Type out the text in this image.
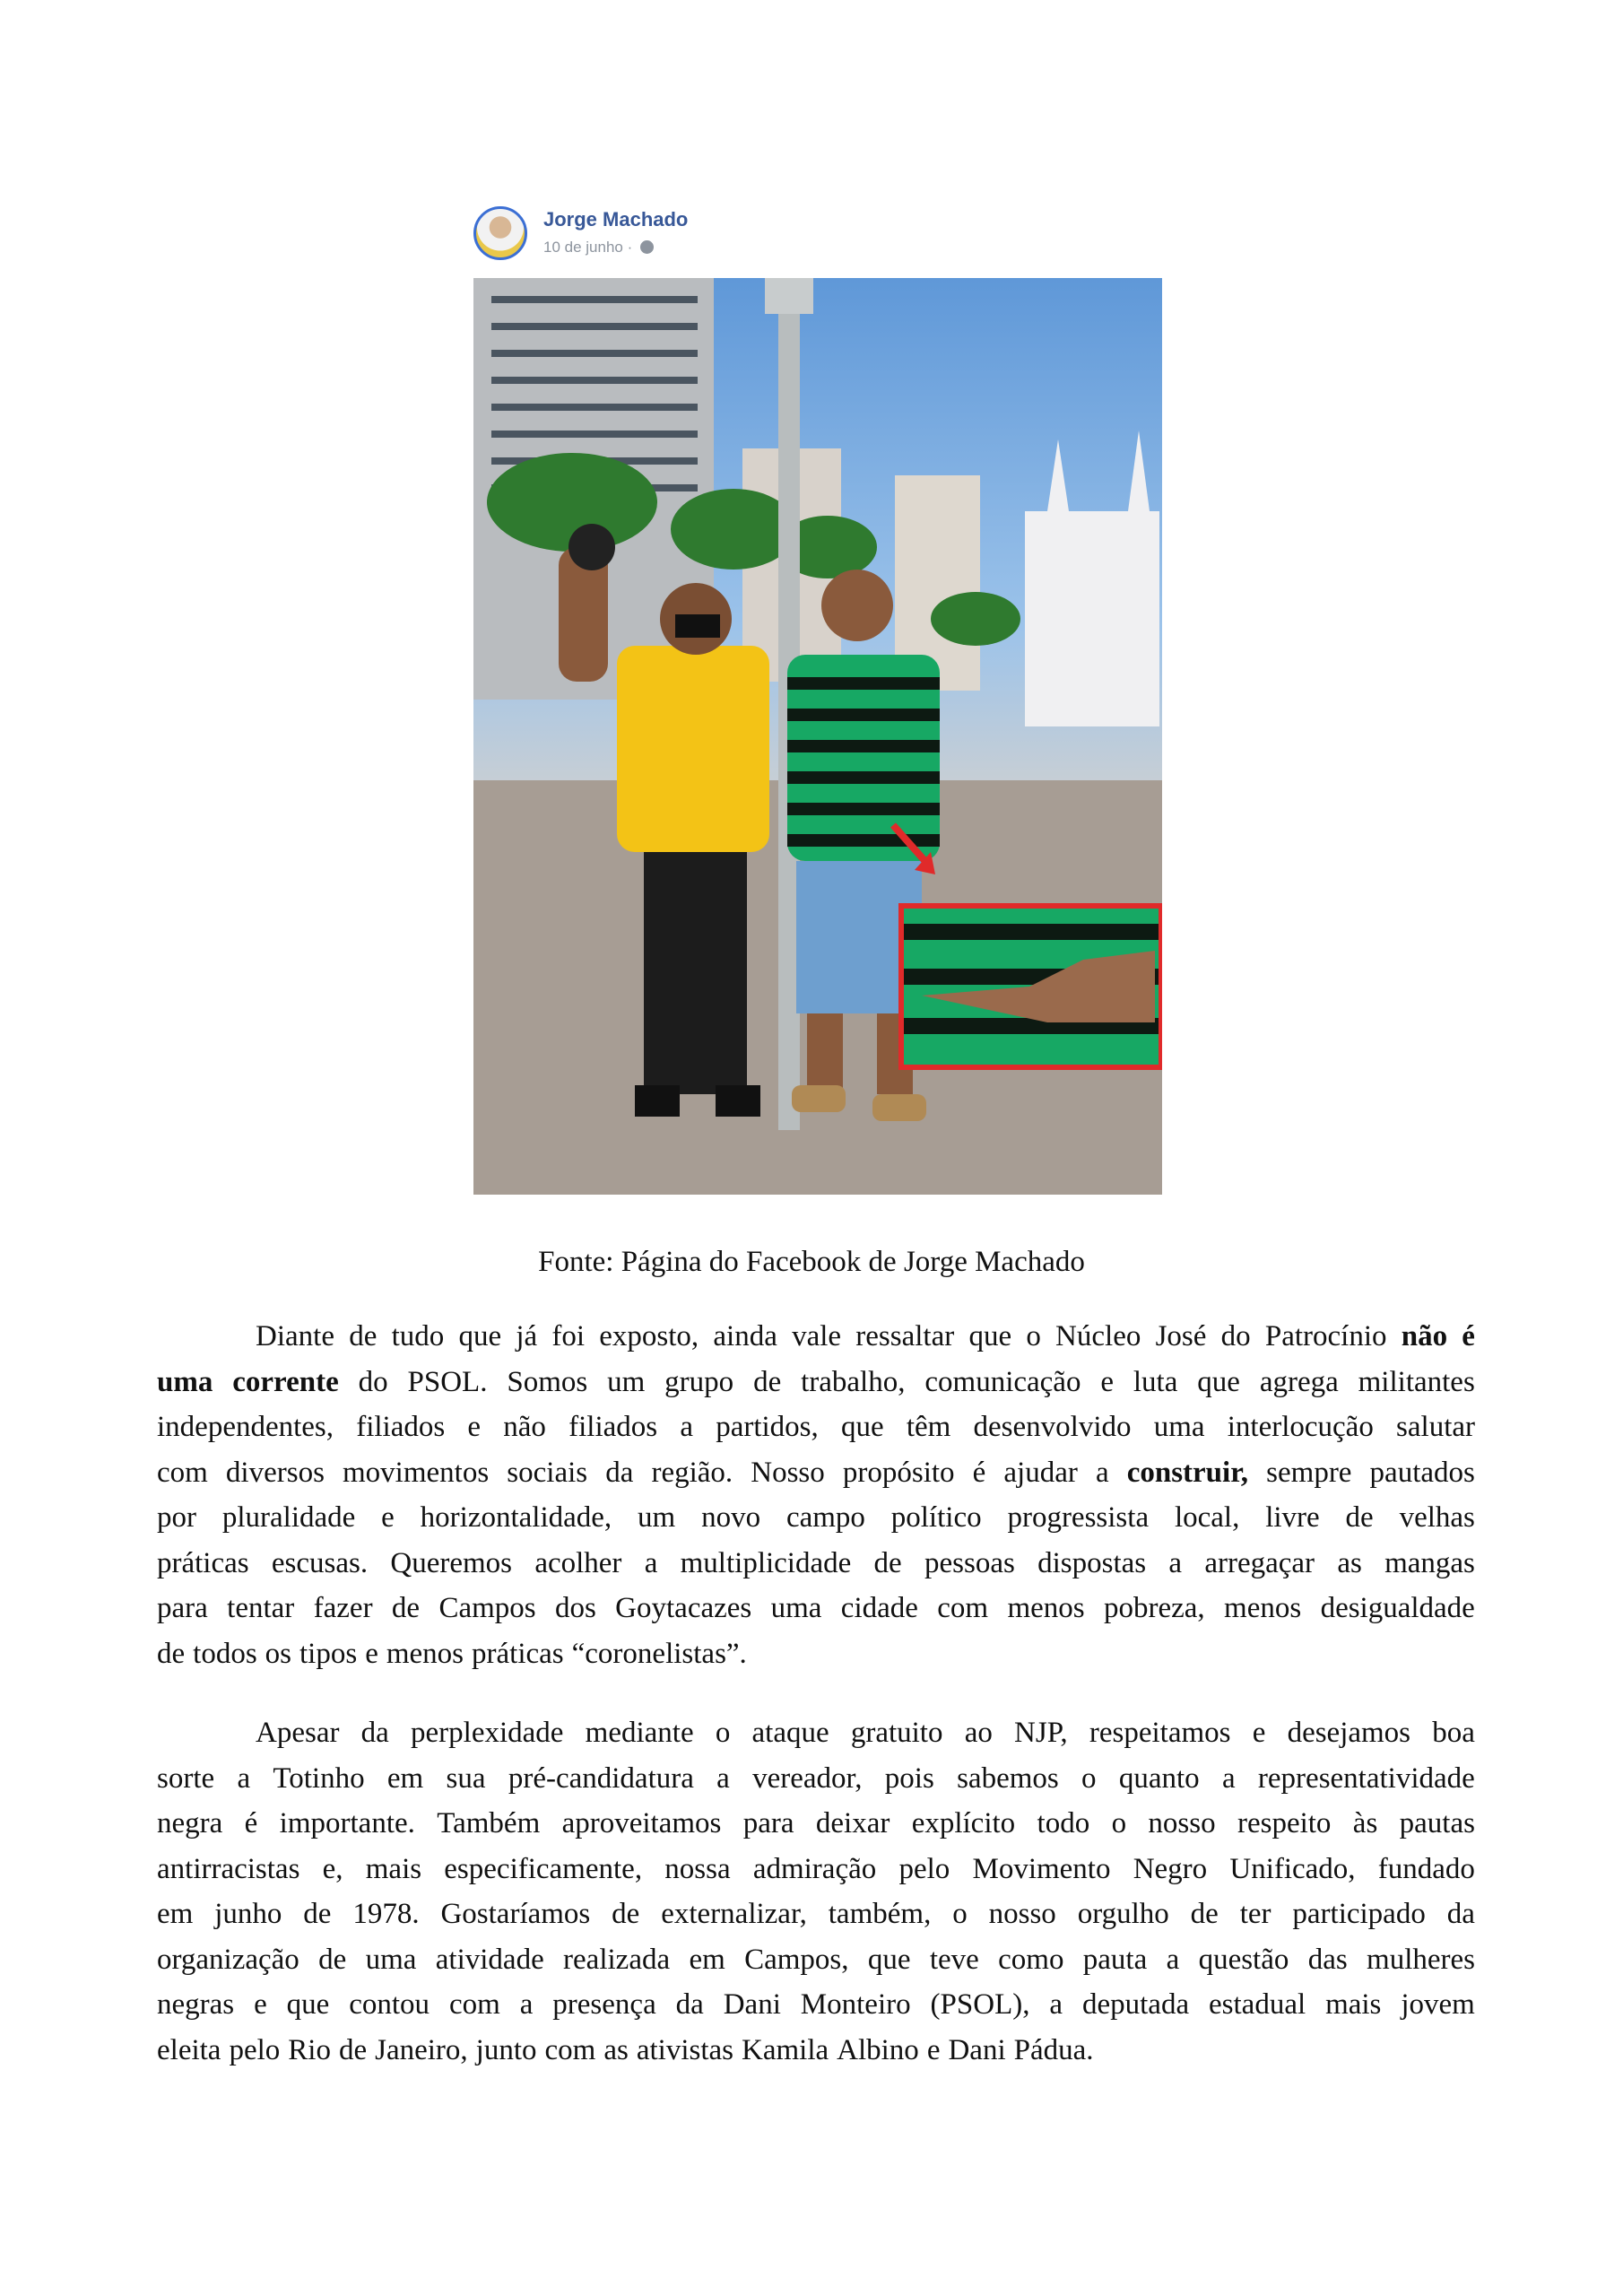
Jorge Machado
10 de junho ·
Fonte: Página do Facebook de Jorge Machado
Diante de tudo que já foi exposto, ainda vale ressaltar que o Núcleo José do Patrocínio não é
uma corrente do PSOL. Somos um grupo de trabalho, comunicação e luta que agrega militantes
independentes, filiados e não filiados a partidos, que têm desenvolvido uma interlocução salutar
com diversos movimentos sociais da região. Nosso propósito é ajudar a construir, sempre pautados
por pluralidade e horizontalidade, um novo campo político progressista local, livre de velhas
práticas escusas. Queremos acolher a multiplicidade de pessoas dispostas a arregaçar as mangas
para tentar fazer de Campos dos Goytacazes uma cidade com menos pobreza, menos desigualdade
de todos os tipos e menos práticas “coronelistas”.
Apesar da perplexidade mediante o ataque gratuito ao NJP, respeitamos e desejamos boa
sorte a Totinho em sua pré-candidatura a vereador, pois sabemos o quanto a representatividade
negra é importante. Também aproveitamos para deixar explícito todo o nosso respeito às pautas
antirracistas e, mais especificamente, nossa admiração pelo Movimento Negro Unificado, fundado
em junho de 1978. Gostaríamos de externalizar, também, o nosso orgulho de ter participado da
organização de uma atividade realizada em Campos, que teve como pauta a questão das mulheres
negras e que contou com a presença da Dani Monteiro (PSOL), a deputada estadual mais jovem
eleita pelo Rio de Janeiro, junto com as ativistas Kamila Albino e Dani Pádua.
